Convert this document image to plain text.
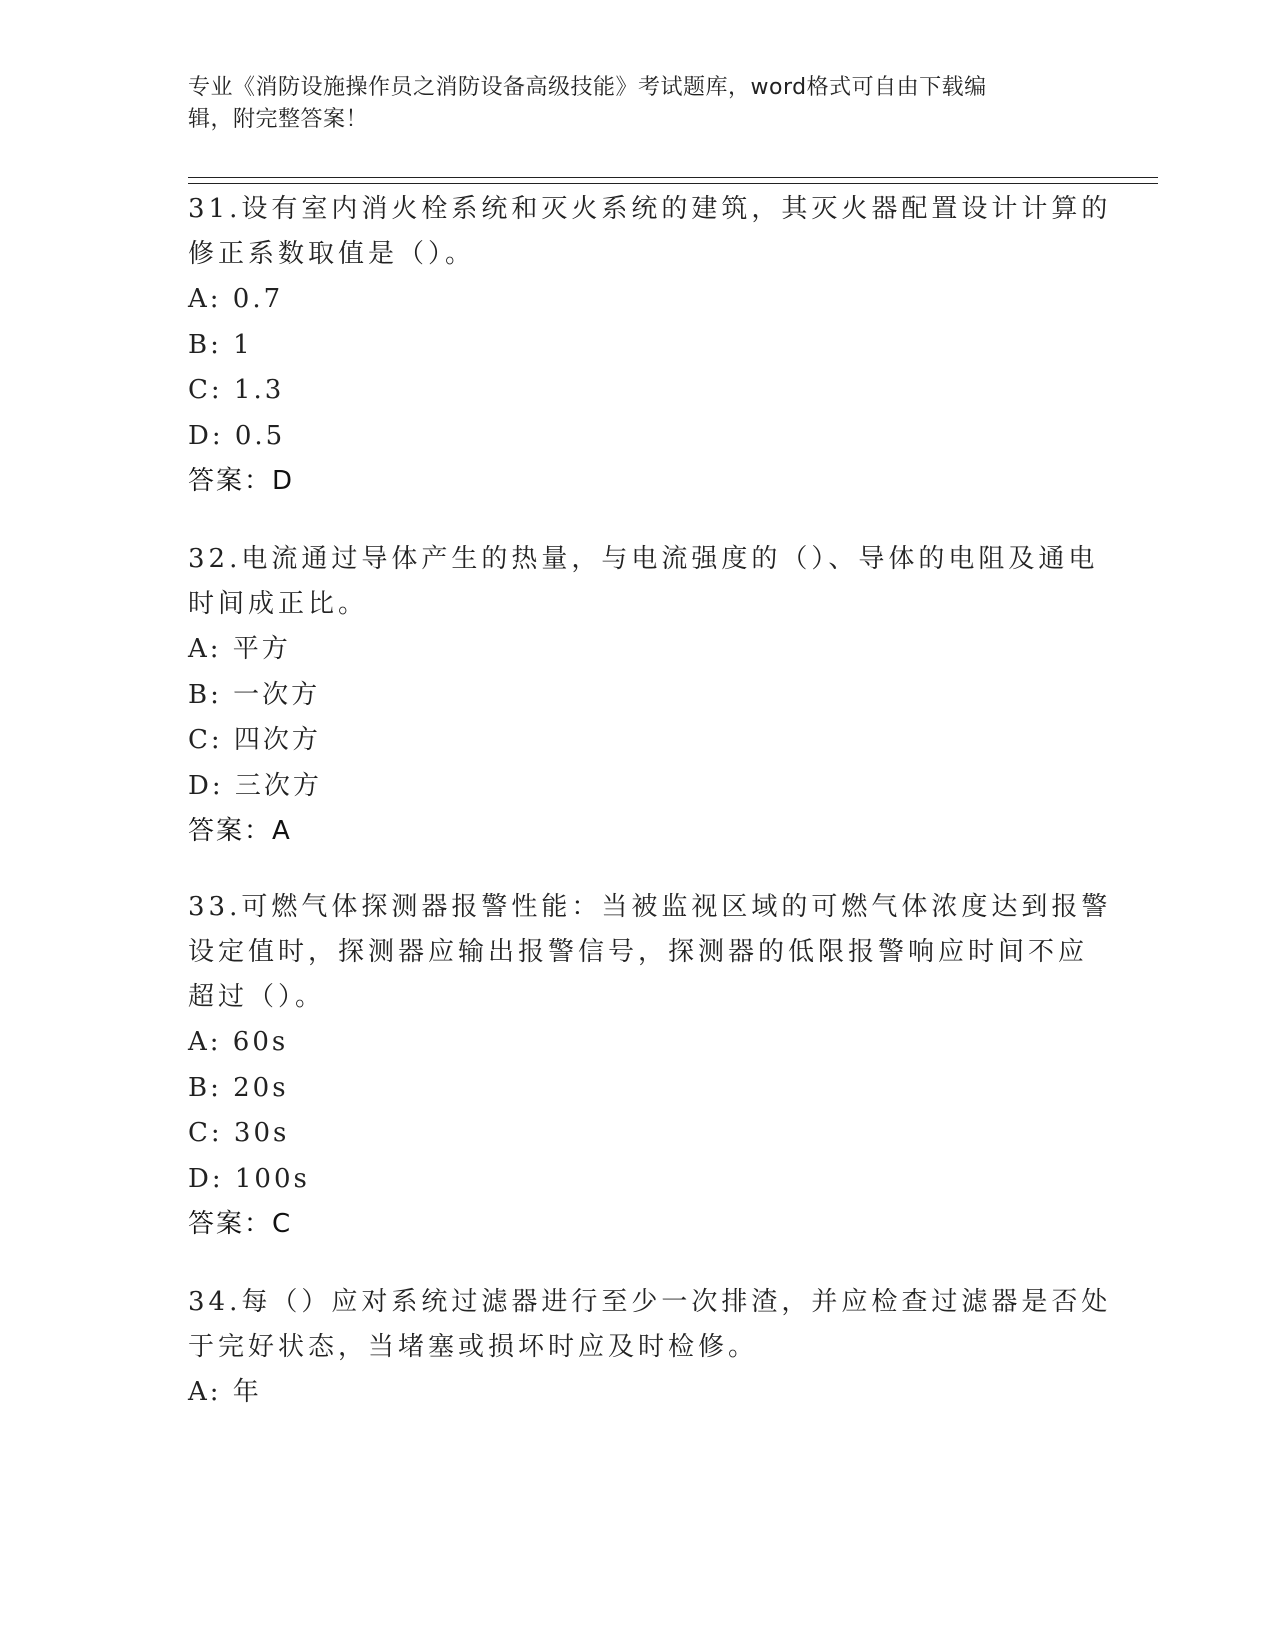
专业《消防设施操作员之消防设备高级技能》考试题库，word格式可自由下载编
辑，附完整答案！
31.设有室内消火栓系统和灭火系统的建筑，其灭火器配置设计计算的
修正系数取值是（）。
A: 0.7
B: 1
C: 1.3
D: 0.5
答案：D
32.电流通过导体产生的热量，与电流强度的（）、导体的电阻及通电
时间成正比。
A: 平方
B: 一次方
C: 四次方
D: 三次方
答案：A
33.可燃气体探测器报警性能：当被监视区域的可燃气体浓度达到报警
设定值时，探测器应输出报警信号，探测器的低限报警响应时间不应
超过（）。
A: 60s
B: 20s
C: 30s
D: 100s
答案：C
34.每（）应对系统过滤器进行至少一次排渣，并应检查过滤器是否处
于完好状态，当堵塞或损坏时应及时检修。
A: 年
